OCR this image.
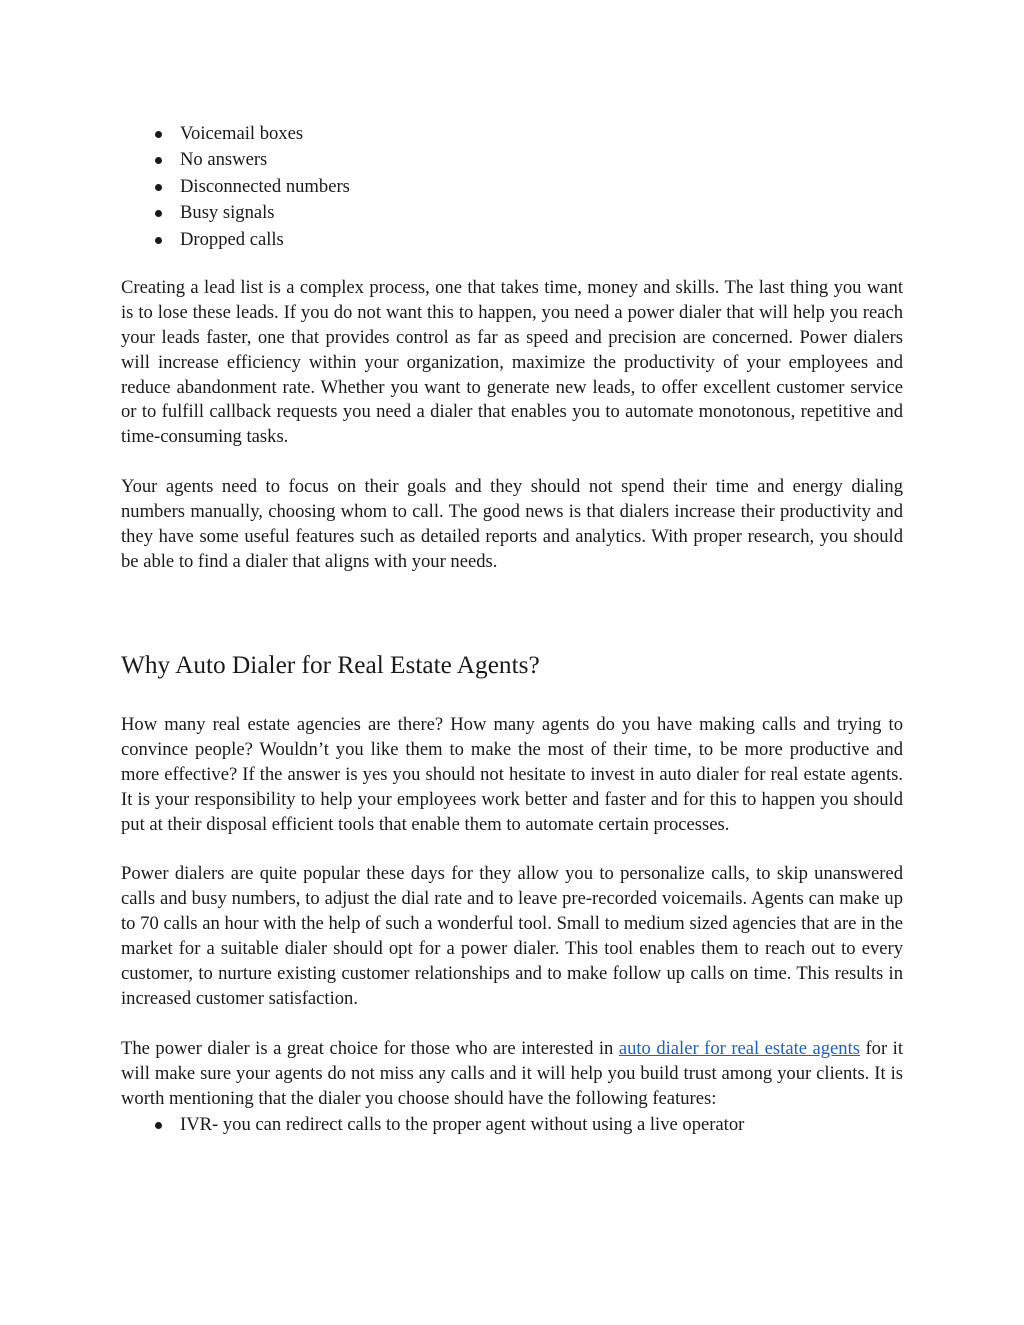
Voicemail boxes
No answers
Disconnected numbers
Busy signals
Dropped calls

Creating a lead list is a complex process, one that takes time, money and skills. The last thing you want is to lose these leads. If you do not want this to happen, you need a power dialer that will help you reach your leads faster, one that provides control as far as speed and precision are concerned. Power dialers will increase efficiency within your organization, maximize the productivity of your employees and reduce abandonment rate. Whether you want to generate new leads, to offer excellent customer service or to fulfill callback requests you need a dialer that enables you to automate monotonous, repetitive and time-consuming tasks.

Your agents need to focus on their goals and they should not spend their time and energy dialing numbers manually, choosing whom to call. The good news is that dialers increase their productivity and they have some useful features such as detailed reports and analytics. With proper research, you should be able to find a dialer that aligns with your needs.

Why Auto Dialer for Real Estate Agents?

How many real estate agencies are there? How many agents do you have making calls and trying to convince people? Wouldn’t you like them to make the most of their time, to be more productive and more effective? If the answer is yes you should not hesitate to invest in auto dialer for real estate agents. It is your responsibility to help your employees work better and faster and for this to happen you should put at their disposal efficient tools that enable them to automate certain processes.

Power dialers are quite popular these days for they allow you to personalize calls, to skip unanswered calls and busy numbers, to adjust the dial rate and to leave pre-recorded voicemails. Agents can make up to 70 calls an hour with the help of such a wonderful tool. Small to medium sized agencies that are in the market for a suitable dialer should opt for a power dialer. This tool enables them to reach out to every customer, to nurture existing customer relationships and to make follow up calls on time. This results in increased customer satisfaction.

The power dialer is a great choice for those who are interested in auto dialer for real estate agents for it will make sure your agents do not miss any calls and it will help you build trust among your clients. It is worth mentioning that the dialer you choose should have the following features:

IVR- you can redirect calls to the proper agent without using a live operator
